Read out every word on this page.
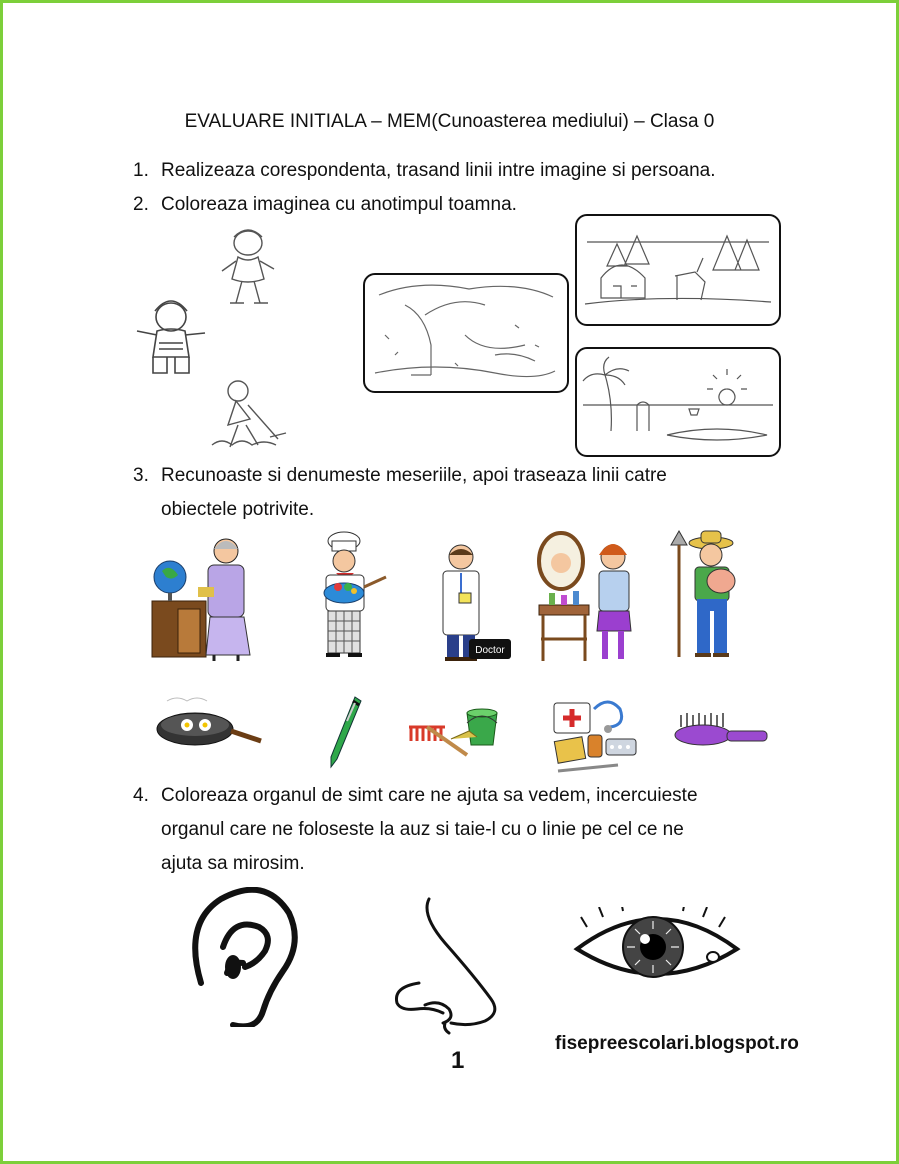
EVALUARE INITIALA – MEM(Cunoasterea mediului) – Clasa 0
1. Realizeaza corespondenta, trasand linii intre imagine si persoana.
2. Coloreaza imaginea cu anotimpul toamna.
3. Recunoaste si denumeste meseriile, apoi traseaza linii catre
obiectele potrivite.
Doctor
4. Coloreaza organul de simt care ne ajuta sa vedem, incercuieste
organul care ne foloseste la auz si taie-l cu o linie pe cel ce ne
ajuta sa mirosim.
fisepreescolari.blogspot.ro
1
